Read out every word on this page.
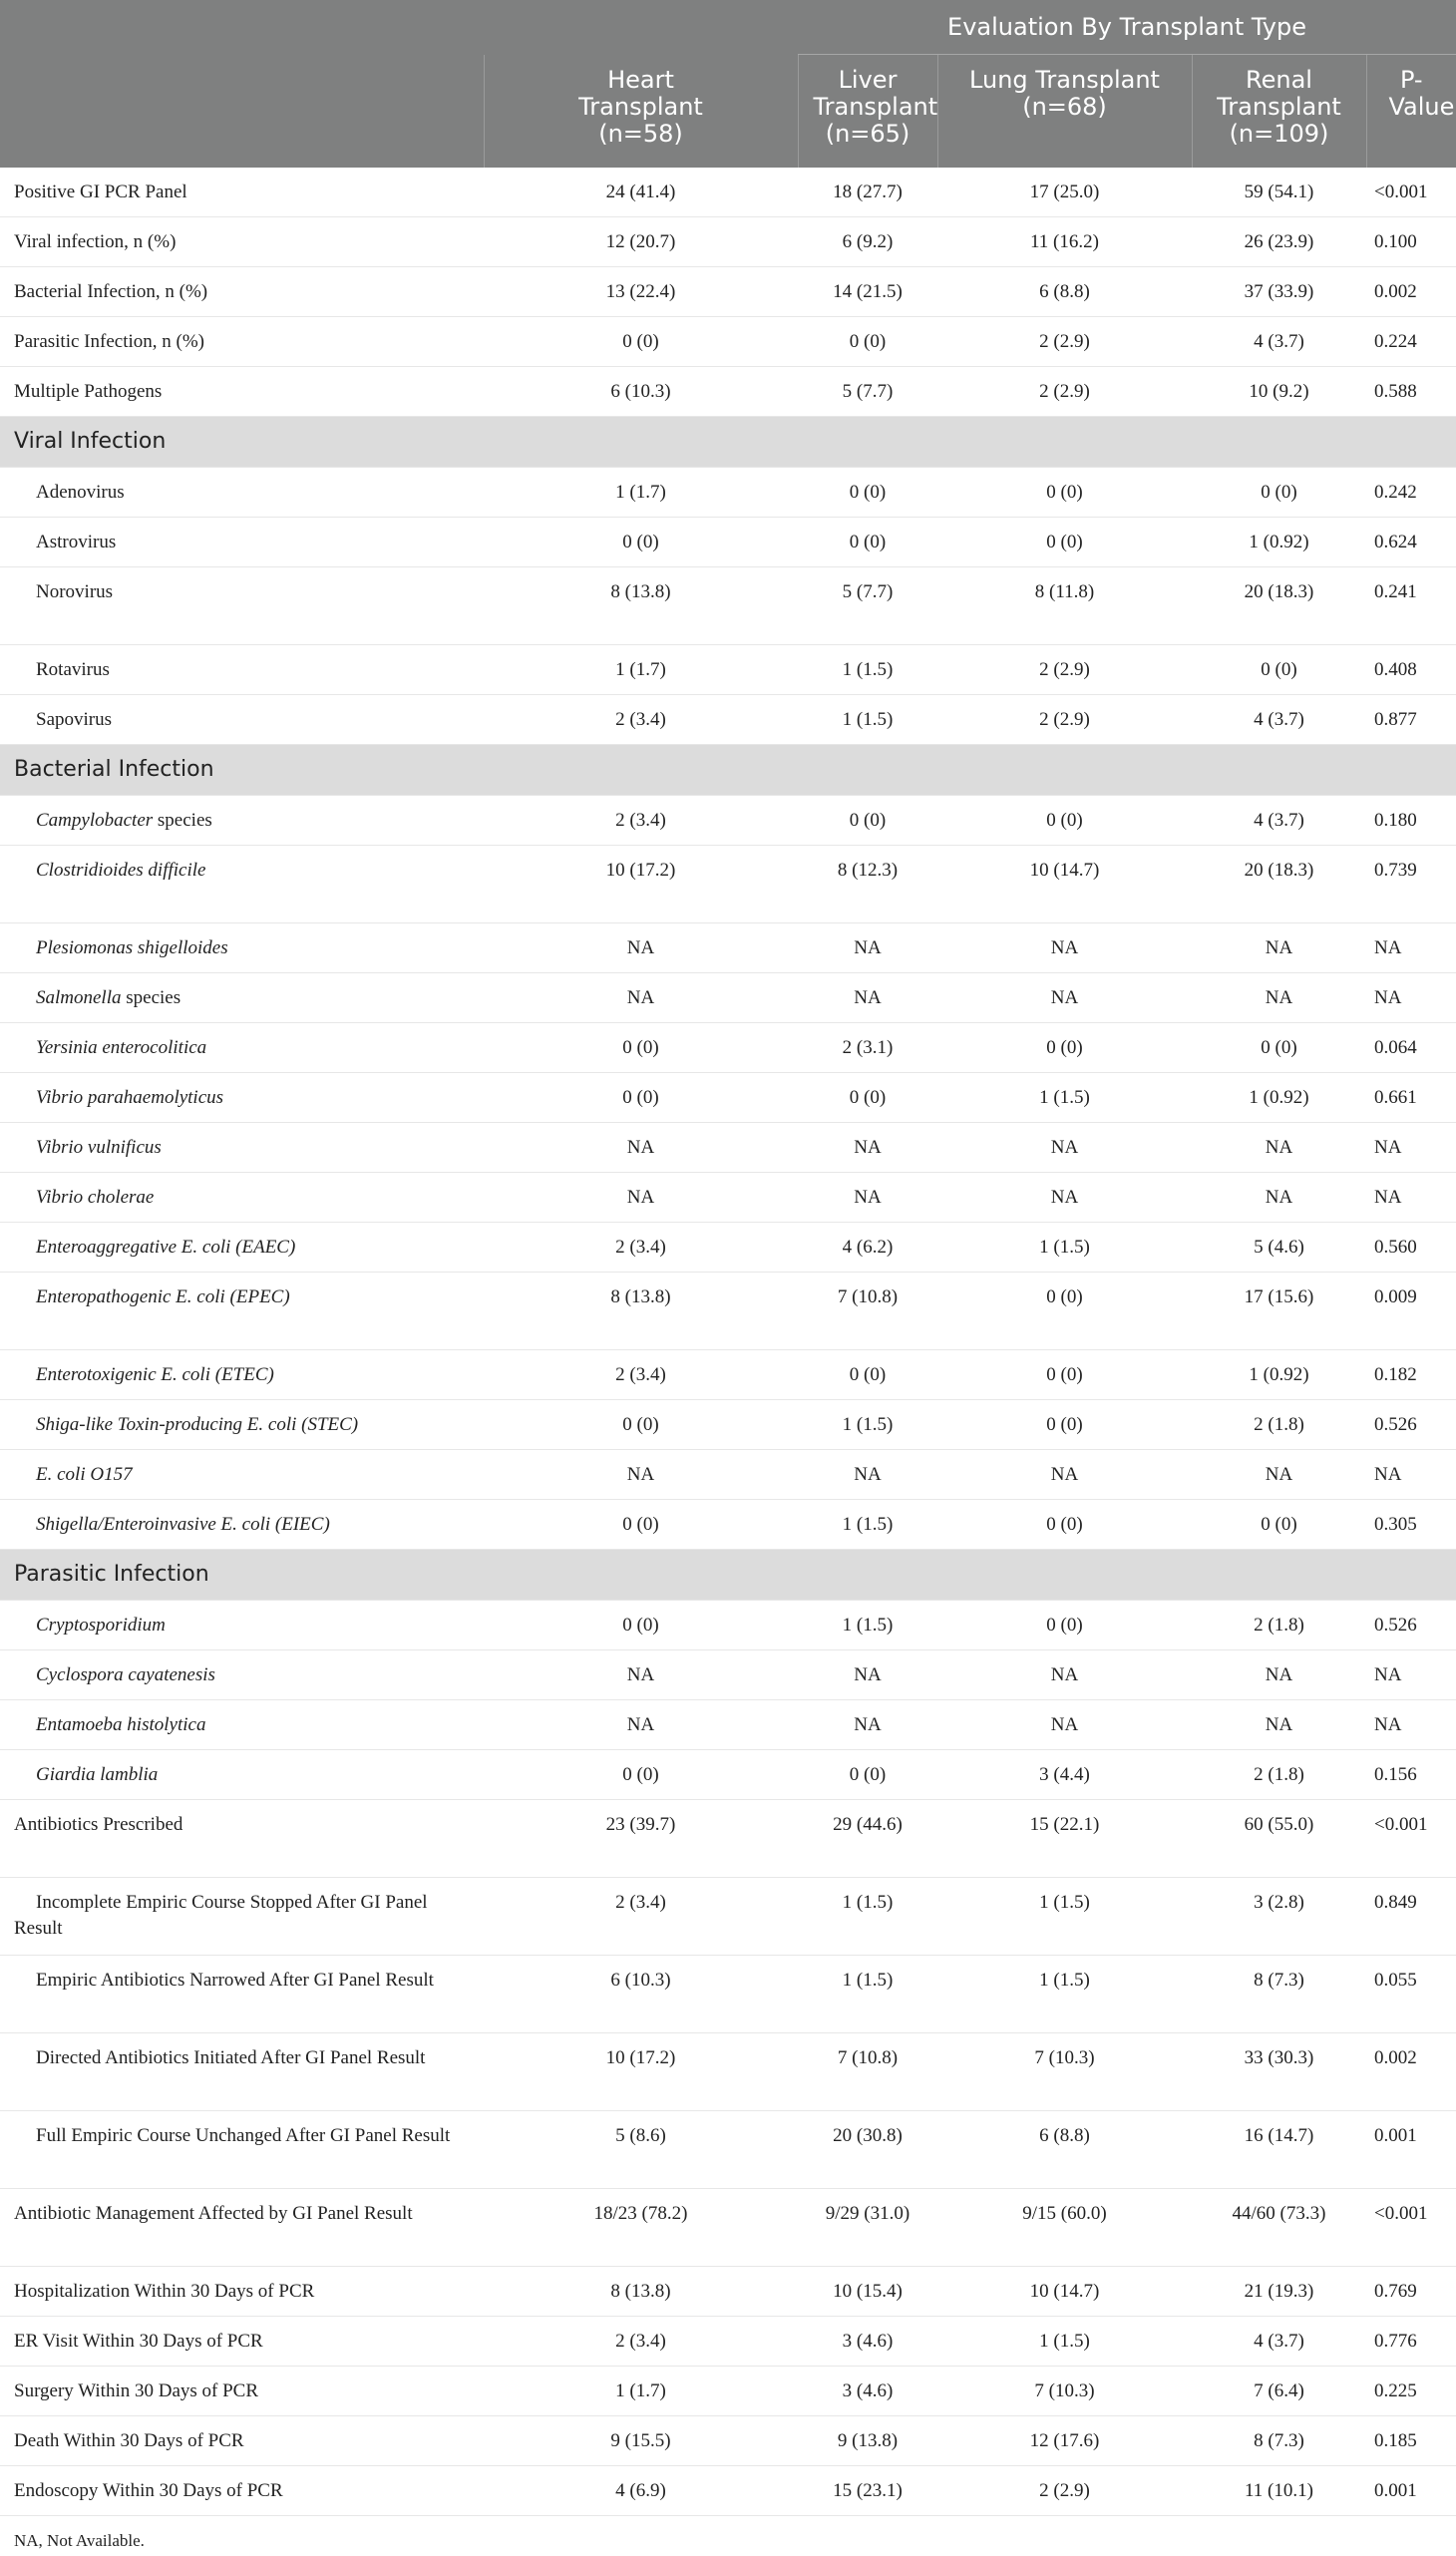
		Evaluation By Transplant Type			
	Heart Transplant (n=58)	Liver Transplant (n=65)	Lung Transplant (n=68)	Renal Transplant (n=109)	P-Value
Positive GI PCR Panel	24 (41.4)	18 (27.7)	17 (25.0)	59 (54.1)	<0.001
Viral infection, n (%)	12 (20.7)	6 (9.2)	11 (16.2)	26 (23.9)	0.100
Bacterial Infection, n (%)	13 (22.4)	14 (21.5)	6 (8.8)	37 (33.9)	0.002
Parasitic Infection, n (%)	0 (0)	0 (0)	2 (2.9)	4 (3.7)	0.224
Multiple Pathogens	6 (10.3)	5 (7.7)	2 (2.9)	10 (9.2)	0.588
Viral Infection					
Adenovirus	1 (1.7)	0 (0)	0 (0)	0 (0)	0.242
Astrovirus	0 (0)	0 (0)	0 (0)	1 (0.92)	0.624
Norovirus	8 (13.8)	5 (7.7)	8 (11.8)	20 (18.3)	0.241
Rotavirus	1 (1.7)	1 (1.5)	2 (2.9)	0 (0)	0.408
Sapovirus	2 (3.4)	1 (1.5)	2 (2.9)	4 (3.7)	0.877
Bacterial Infection					
Campylobacter species	2 (3.4)	0 (0)	0 (0)	4 (3.7)	0.180
Clostridioides difficile	10 (17.2)	8 (12.3)	10 (14.7)	20 (18.3)	0.739
Plesiomonas shigelloides	NA	NA	NA	NA	NA
Salmonella species	NA	NA	NA	NA	NA
Yersinia enterocolitica	0 (0)	2 (3.1)	0 (0)	0 (0)	0.064
Vibrio parahaemolyticus	0 (0)	0 (0)	1 (1.5)	1 (0.92)	0.661
Vibrio vulnificus	NA	NA	NA	NA	NA
Vibrio cholerae	NA	NA	NA	NA	NA
Enteroaggregative E. coli (EAEC)	2 (3.4)	4 (6.2)	1 (1.5)	5 (4.6)	0.560
Enteropathogenic E. coli (EPEC)	8 (13.8)	7 (10.8)	0 (0)	17 (15.6)	0.009
Enterotoxigenic E. coli (ETEC)	2 (3.4)	0 (0)	0 (0)	1 (0.92)	0.182
Shiga-like Toxin-producing E. coli (STEC)	0 (0)	1 (1.5)	0 (0)	2 (1.8)	0.526
E. coli O157	NA	NA	NA	NA	NA
Shigella/Enteroinvasive E. coli (EIEC)	0 (0)	1 (1.5)	0 (0)	0 (0)	0.305
Parasitic Infection					
Cryptosporidium	0 (0)	1 (1.5)	0 (0)	2 (1.8)	0.526
Cyclospora cayatenesis	NA	NA	NA	NA	NA
Entamoeba histolytica	NA	NA	NA	NA	NA
Giardia lamblia	0 (0)	0 (0)	3 (4.4)	2 (1.8)	0.156
Antibiotics Prescribed	23 (39.7)	29 (44.6)	15 (22.1)	60 (55.0)	<0.001
Incomplete Empiric Course Stopped After GI Panel Result	2 (3.4)	1 (1.5)	1 (1.5)	3 (2.8)	0.849
Empiric Antibiotics Narrowed After GI Panel Result	6 (10.3)	1 (1.5)	1 (1.5)	8 (7.3)	0.055
Directed Antibiotics Initiated After GI Panel Result	10 (17.2)	7 (10.8)	7 (10.3)	33 (30.3)	0.002
Full Empiric Course Unchanged After GI Panel Result	5 (8.6)	20 (30.8)	6 (8.8)	16 (14.7)	0.001
Antibiotic Management Affected by GI Panel Result	18/23 (78.2)	9/29 (31.0)	9/15 (60.0)	44/60 (73.3)	<0.001
Hospitalization Within 30 Days of PCR	8 (13.8)	10 (15.4)	10 (14.7)	21 (19.3)	0.769
ER Visit Within 30 Days of PCR	2 (3.4)	3 (4.6)	1 (1.5)	4 (3.7)	0.776
Surgery Within 30 Days of PCR	1 (1.7)	3 (4.6)	7 (10.3)	7 (6.4)	0.225
Death Within 30 Days of PCR	9 (15.5)	9 (13.8)	12 (17.6)	8 (7.3)	0.185
Endoscopy Within 30 Days of PCR	4 (6.9)	15 (23.1)	2 (2.9)	11 (10.1)	0.001
NA, Not Available.					
